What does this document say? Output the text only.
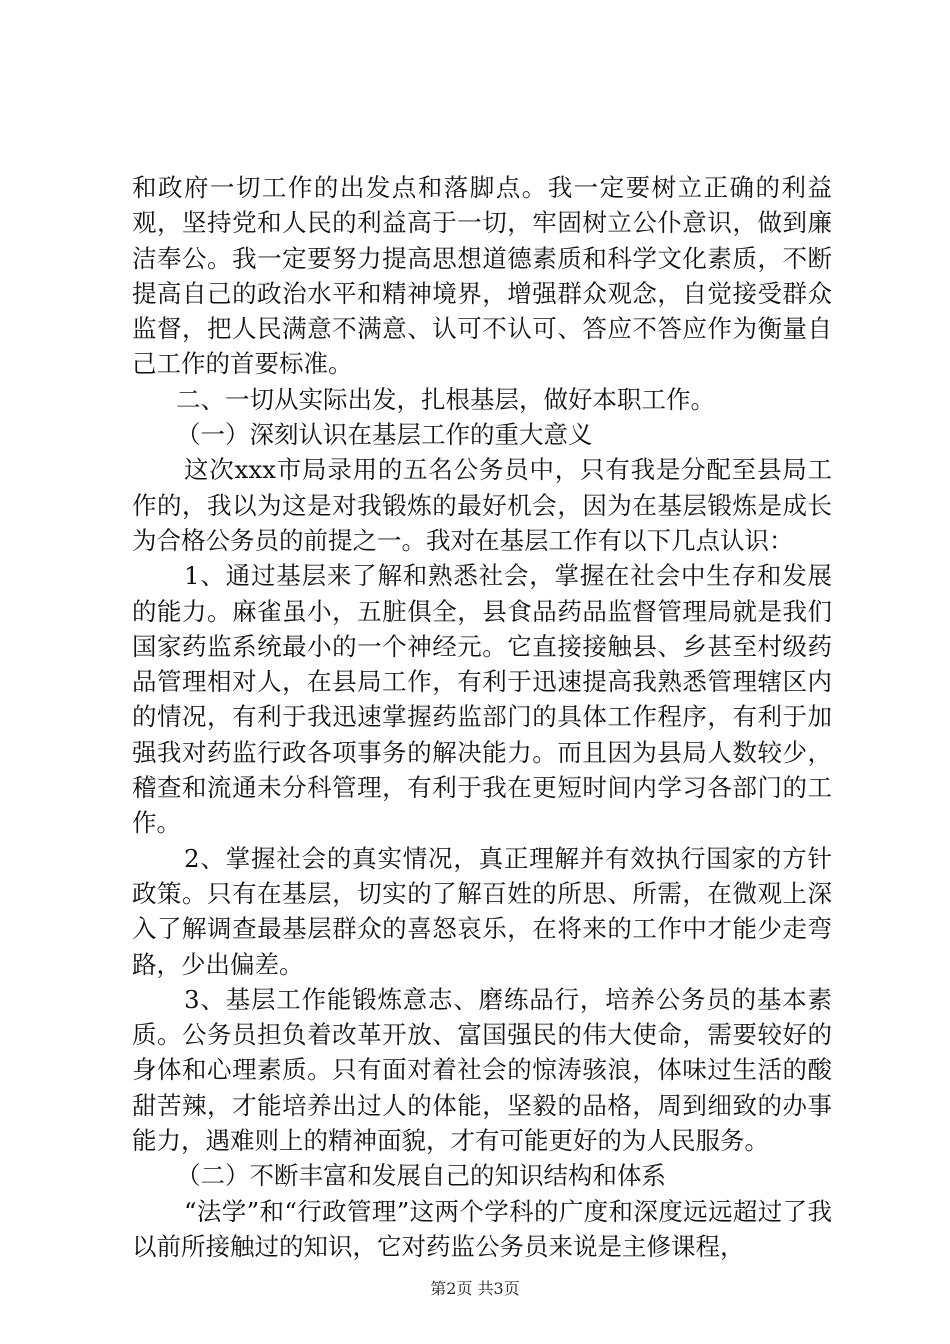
和政府一切工作的出发点和落脚点。我一定要树立正确的利益观，坚持党和人民的利益高于一切，牢固树立公仆意识，做到廉洁奉公。我一定要努力提高思想道德素质和科学文化素质，不断提高自己的政治水平和精神境界，增强群众观念，自觉接受群众监督，把人民满意不满意、认可不认可、答应不答应作为衡量自己工作的首要标准。

二、一切从实际出发，扎根基层，做好本职工作。

（一）深刻认识在基层工作的重大意义

这次xxx市局录用的五名公务员中，只有我是分配至县局工作的，我以为这是对我锻炼的最好机会，因为在基层锻炼是成长为合格公务员的前提之一。我对在基层工作有以下几点认识：

1、通过基层来了解和熟悉社会，掌握在社会中生存和发展的能力。麻雀虽小，五脏俱全，县食品药品监督管理局就是我们国家药监系统最小的一个神经元。它直接接触县、乡甚至村级药品管理相对人，在县局工作，有利于迅速提高我熟悉管理辖区内的情况，有利于我迅速掌握药监部门的具体工作程序，有利于加强我对药监行政各项事务的解决能力。而且因为县局人数较少，稽查和流通未分科管理，有利于我在更短时间内学习各部门的工作。

2、掌握社会的真实情况，真正理解并有效执行国家的方针政策。只有在基层，切实的了解百姓的所思、所需，在微观上深入了解调查最基层群众的喜怒哀乐，在将来的工作中才能少走弯路，少出偏差。

3、基层工作能锻炼意志、磨练品行，培养公务员的基本素质。公务员担负着改革开放、富国强民的伟大使命，需要较好的身体和心理素质。只有面对着社会的惊涛骇浪，体味过生活的酸甜苦辣，才能培养出过人的体能，坚毅的品格，周到细致的办事能力，遇难则上的精神面貌，才有可能更好的为人民服务。

（二）不断丰富和发展自己的知识结构和体系

“法学”和“行政管理”这两个学科的广度和深度远远超过了我以前所接触过的知识，它对药监公务员来说是主修课程，

第2页 共3页
